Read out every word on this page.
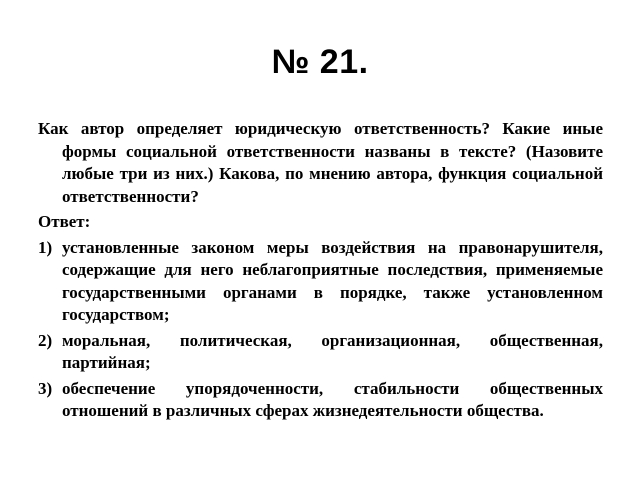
№ 21.

Как автор определяет юридическую ответственность? Какие иные формы социальной ответственности названы в тексте? (Назовите любые три из них.) Какова, по мнению автора, функция социальной ответственности?

Ответ:

1) установленные законом меры воздействия на правонарушителя, содержащие для него неблагоприятные последствия, применяемые государственными органами в порядке, также установленном государством;
2) моральная, политическая, организационная, общественная, партийная;
3) обеспечение упорядоченности, стабильности общественных отношений в различных сферах жизнедеятельности общества.
